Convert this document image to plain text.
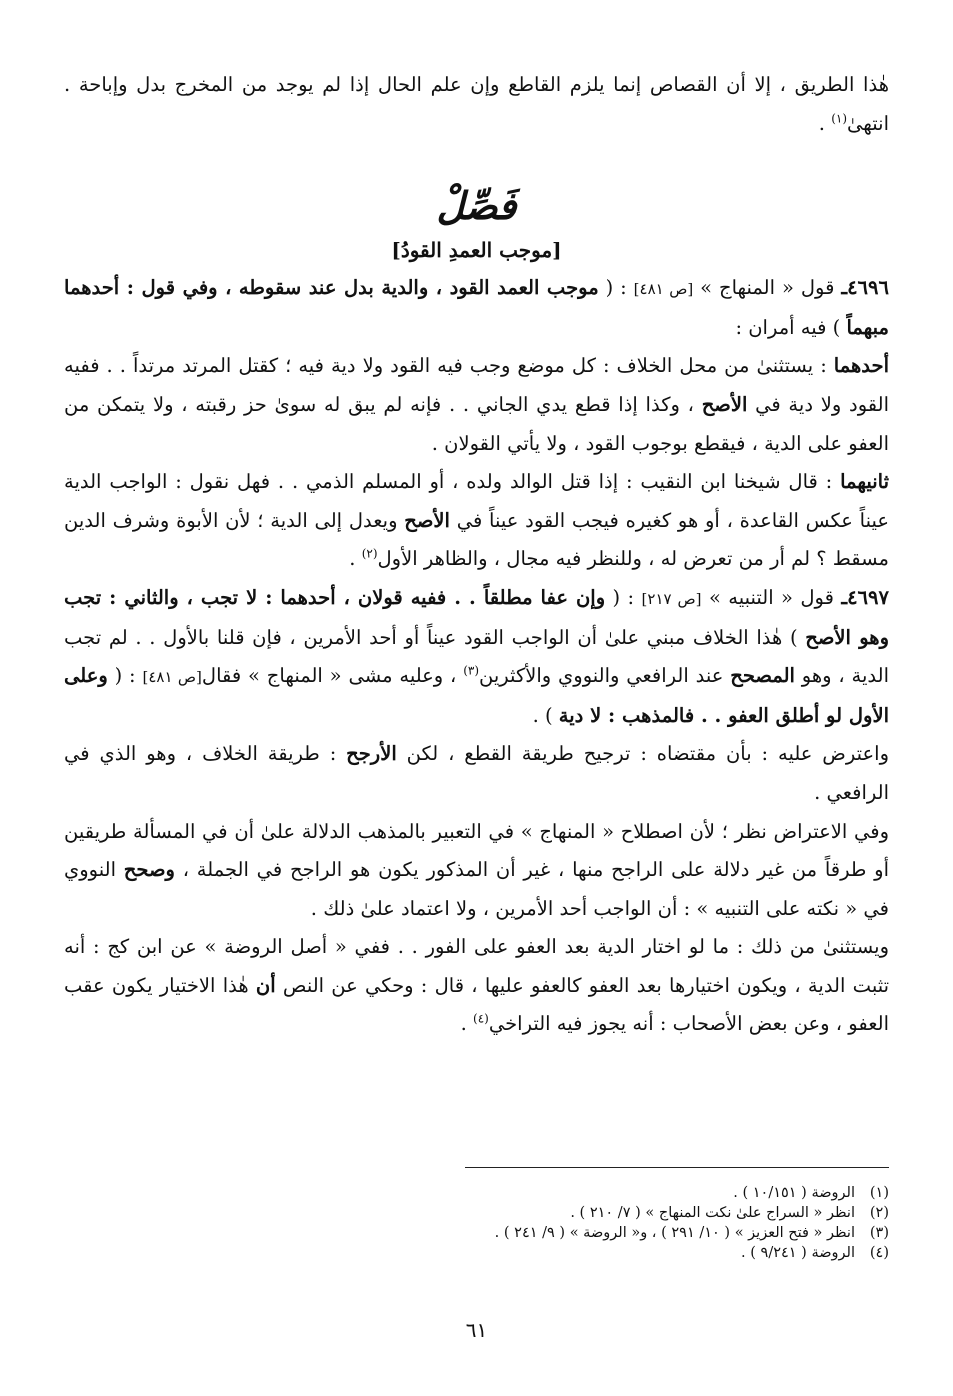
هٰذا الطريق ، إلا أن القصاص إنما يلزم القاطع وإن علم الحال إذا لم يوجد من المخرج بدل وإباحة . انتهىٰ$^{(١)}$ .

فَصِّلْ

[موجب العمدِ القودُ]

٤٦٩٦ـ قول « المنهاج » [ص ٤٨١] : ( موجب العمد القود ، والدية بدل عند سقوطه ، وفي قول : أحدهما مبهماً ) فيه أمران :

أحدهما : يستثنىٰ من محل الخلاف : كل موضع وجب فيه القود ولا دية فيه ؛ كقتل المرتد مرتداً . . ففيه القود ولا دية في الأصح ، وكذا إذا قطع يدي الجاني . . فإنه لم يبق له سوىٰ حز رقبته ، ولا يتمكن من العفو على الدية ، فيقطع بوجوب القود ، ولا يأتي القولان .

ثانيهما : قال شيخنا ابن النقيب : إذا قتل الوالد ولده ، أو المسلم الذمي . . فهل نقول : الواجب الدية عيناً عكس القاعدة ، أو هو كغيره فيجب القود عيناً في الأصح ويعدل إلى الدية ؛ لأن الأبوة وشرف الدين مسقط ؟ لم أر من تعرض له ، وللنظر فيه مجال ، والظاهر الأول$^{(٢)}$ .

٤٦٩٧ـ قول « التنبيه » [ص ٢١٧] : ( وإن عفا مطلقاً . . ففيه قولان ، أحدهما : لا تجب ، والثاني : تجب وهو الأصح ) هٰذا الخلاف مبني علىٰ أن الواجب القود عيناً أو أحد الأمرين ، فإن قلنا بالأول . . لم تجب الدية ، وهو المصحح عند الرافعي والنووي والأكثرين$^{(٣)}$ ، وعليه مشى « المنهاج » فقال[ص ٤٨١] : ( وعلى الأول لو أطلق العفو . . فالمذهب : لا دية ) .

واعترض عليه : بأن مقتضاه : ترجيح طريقة القطع ، لكن الأرجح : طريقة الخلاف ، وهو الذي في الرافعي .

وفي الاعتراض نظر ؛ لأن اصطلاح « المنهاج » في التعبير بالمذهب الدلالة علىٰ أن في المسألة طريقين أو طرقاً من غير دلالة على الراجح منها ، غير أن المذكور يكون هو الراجح في الجملة ، وصحح النووي في « نكته على التنبيه » : أن الواجب أحد الأمرين ، ولا اعتماد علىٰ ذلك .

ويستثنىٰ من ذلك : ما لو اختار الدية بعد العفو على الفور . . ففي « أصل الروضة » عن ابن كج : أنه تثبت الدية ، ويكون اختيارها بعد العفو كالعفو عليها ، قال : وحكي عن النص أن هٰذا الاختيار يكون عقب العفو ، وعن بعض الأصحاب : أنه يجوز فيه التراخي$^{(٤)}$ .

(١)الروضة ( ١٠/١٥١ ) .

(٢)انظر « السراج علىٰ نكت المنهاج » ( ٧/ ٢١٠ ) .

(٣)انظر « فتح العزيز » ( ١٠/ ٢٩١ ) ، و« الروضة » ( ٩/ ٢٤١ ) .

(٤)الروضة ( ٩/٢٤١ ) .

٦١
